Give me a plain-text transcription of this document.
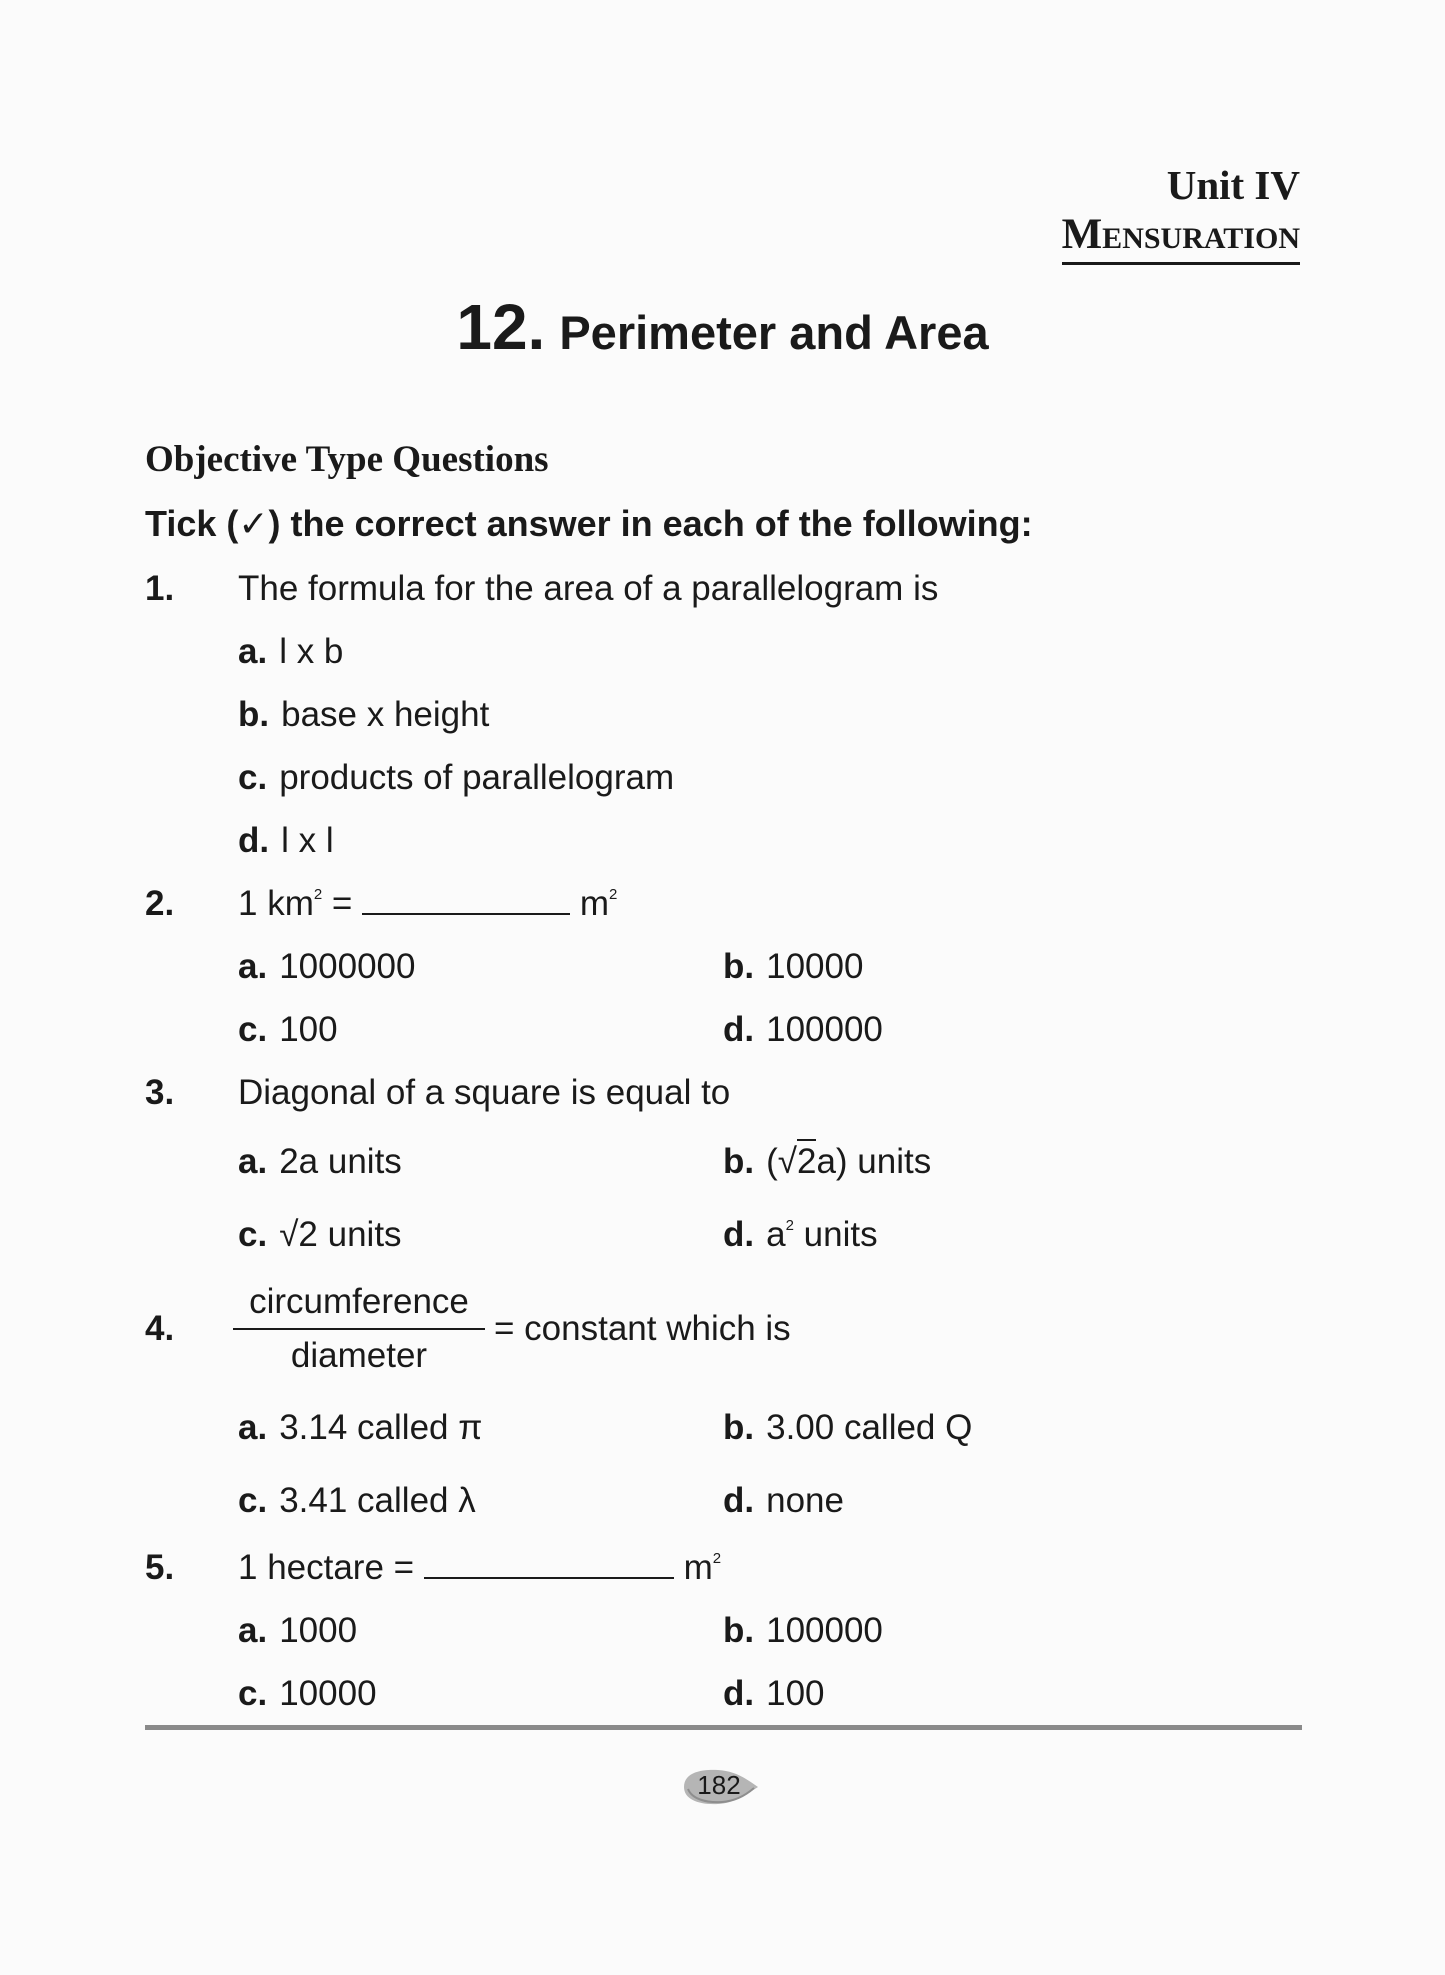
Unit IV
Mensuration
12. Perimeter and Area
Objective Type Questions
Tick (✓) the correct answer in each of the following:
1. The formula for the area of a parallelogram is
a. l x b
b. base x height
c. products of parallelogram
d. l x l
2. 1 $km^2$ =	$m^2$
a. 1000000	b. 10000
c. 100	d. 100000
3. Diagonal of a square is equal to
a. 2a units	b. (√2a) units
c. √2 units	d. $a^2$ units
4.
circumference
diameter
= constant which is
a. 3.14 called π	b. 3.00 called Q
c. 3.41 called λ	d. none
5. 1 hectare =	$m^2$
a. 1000	b. 100000
c. 10000	d. 100
182
